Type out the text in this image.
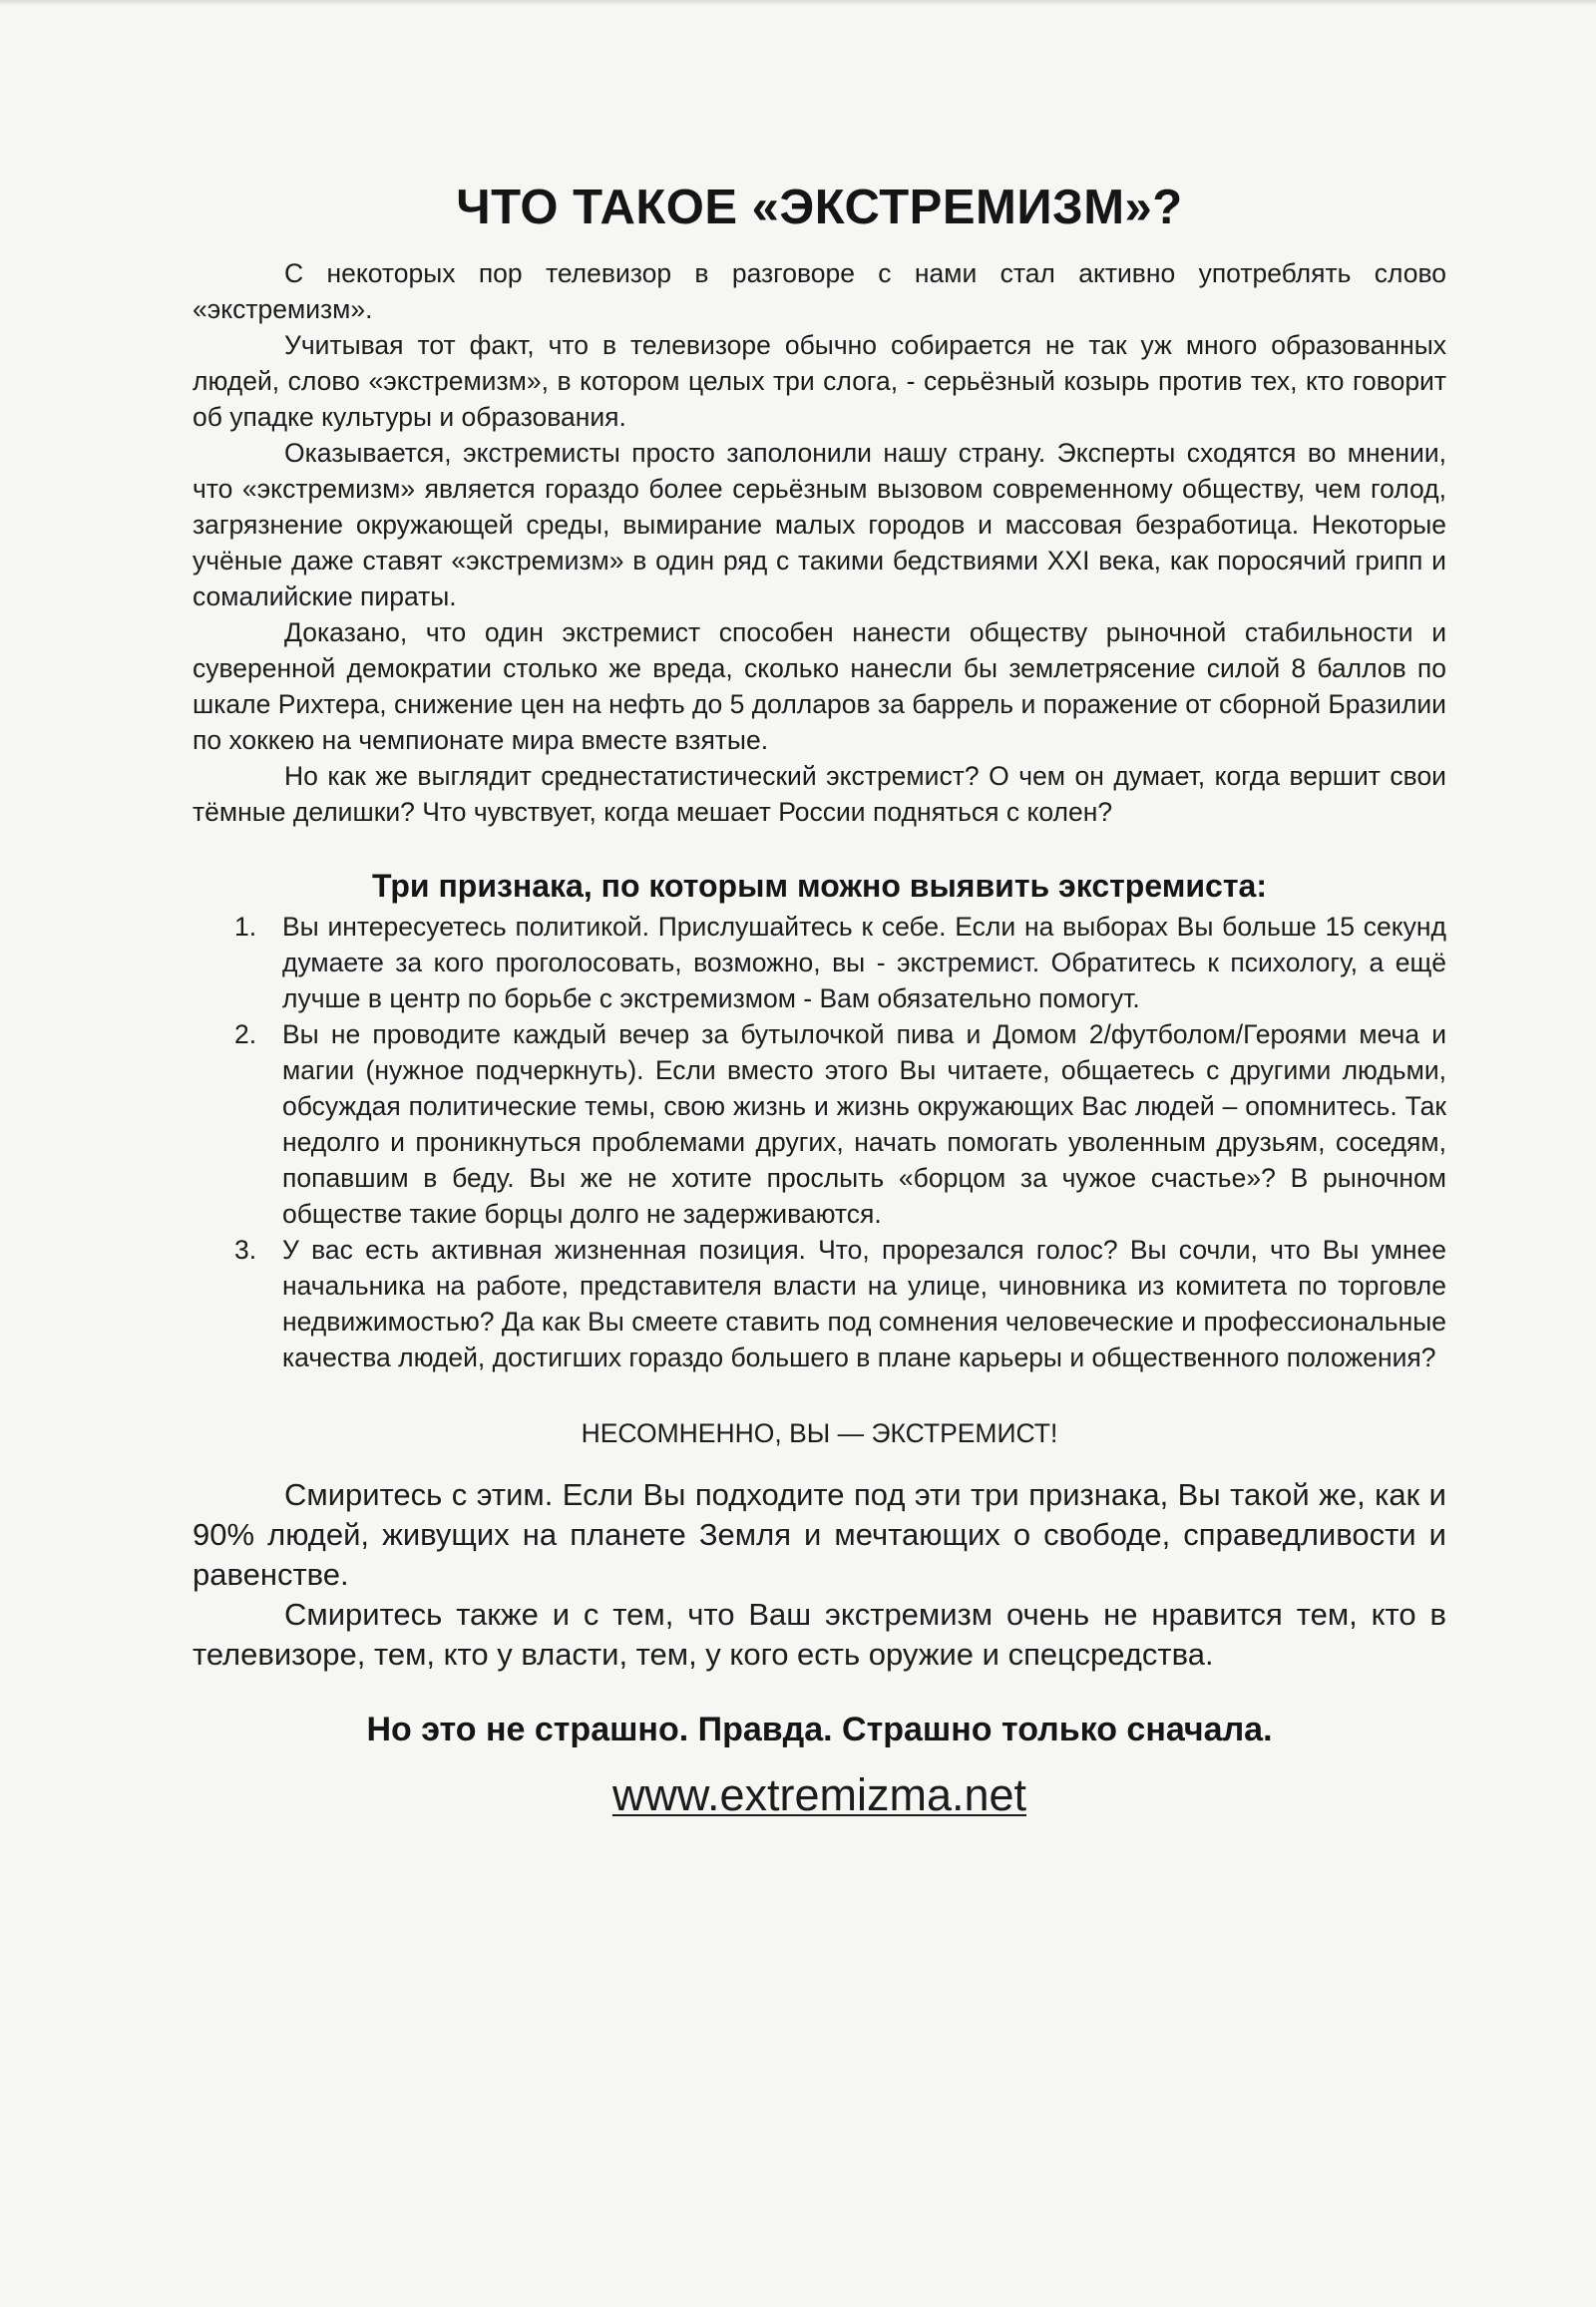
ЧТО ТАКОЕ «ЭКСТРЕМИЗМ»?

С некоторых пор телевизор в разговоре с нами стал активно употреблять слово «экстремизм».

Учитывая тот факт, что в телевизоре обычно собирается не так уж много образованных людей, слово «экстремизм», в котором целых три слога, - серьёзный козырь против тех, кто говорит об упадке культуры и образования.

Оказывается, экстремисты просто заполонили нашу страну. Эксперты сходятся во мнении, что «экстремизм» является гораздо более серьёзным вызовом современному обществу, чем голод, загрязнение окружающей среды, вымирание малых городов и массовая безработица. Некоторые учёные даже ставят «экстремизм» в один ряд с такими бедствиями XXI века, как поросячий грипп и сомалийские пираты.

Доказано, что один экстремист способен нанести обществу рыночной стабильности и суверенной демократии столько же вреда, сколько нанесли бы землетрясение силой 8 баллов по шкале Рихтера, снижение цен на нефть до 5 долларов за баррель и поражение от сборной Бразилии по хоккею на чемпионате мира вместе взятые.

Но как же выглядит среднестатистический экстремист? О чем он думает, когда вершит свои тёмные делишки? Что чувствует, когда мешает России подняться с колен?

Три признака, по которым можно выявить экстремиста:
1. Вы интересуетесь политикой. Прислушайтесь к себе. Если на выборах Вы больше 15 секунд думаете за кого проголосовать, возможно, вы - экстремист. Обратитесь к психологу, а ещё лучше в центр по борьбе с экстремизмом - Вам обязательно помогут.
2. Вы не проводите каждый вечер за бутылочкой пива и Домом 2/футболом/Героями меча и магии (нужное подчеркнуть). Если вместо этого Вы читаете, общаетесь с другими людьми, обсуждая политические темы, свою жизнь и жизнь окружающих Вас людей – опомнитесь. Так недолго и проникнуться проблемами других, начать помогать уволенным друзьям, соседям, попавшим в беду. Вы же не хотите прослыть «борцом за чужое счастье»? В рыночном обществе такие борцы долго не задерживаются.
3. У вас есть активная жизненная позиция. Что, прорезался голос? Вы сочли, что Вы умнее начальника на работе, представителя власти на улице, чиновника из комитета по торговле недвижимостью? Да как Вы смеете ставить под сомнения человеческие и профессиональные качества людей, достигших гораздо большего в плане карьеры и общественного положения?
НЕСОМНЕННО, ВЫ — ЭКСТРЕМИСТ!

Смиритесь с этим. Если Вы подходите под эти три признака, Вы такой же, как и 90% людей, живущих на планете Земля и мечтающих о свободе, справедливости и равенстве.

Смиритесь также и с тем, что Ваш экстремизм очень не нравится тем, кто в телевизоре, тем, кто у власти, тем, у кого есть оружие и спецсредства.

Но это не страшно. Правда. Страшно только сначала.
www.extremizma.net
